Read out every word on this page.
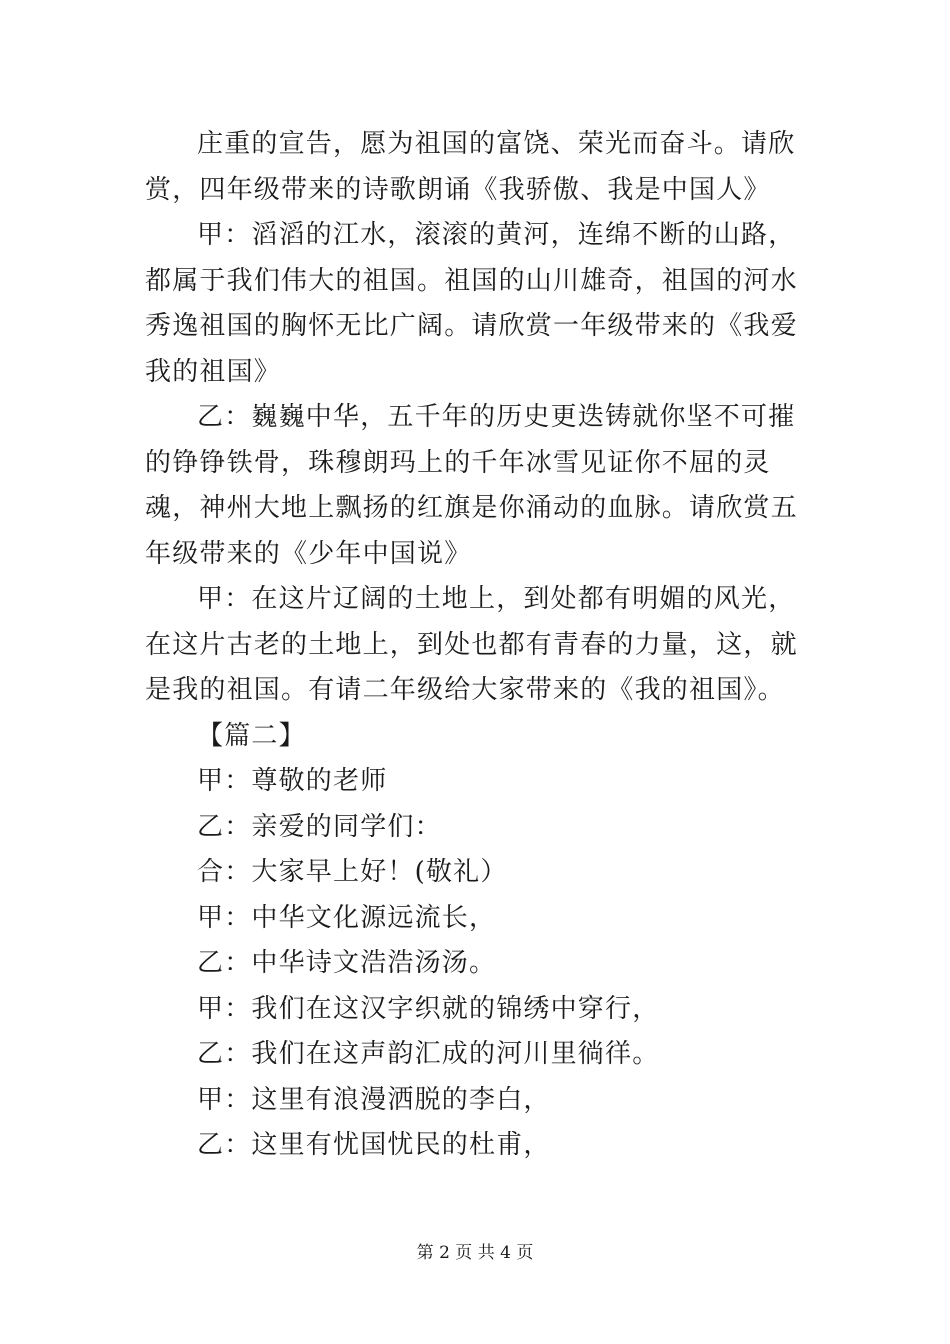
庄重的宣告，愿为祖国的富饶、荣光而奋斗。请欣赏，四年级带来的诗歌朗诵《我骄傲、我是中国人》

甲：滔滔的江水，滚滚的黄河，连绵不断的山路，都属于我们伟大的祖国。祖国的山川雄奇，祖国的河水秀逸祖国的胸怀无比广阔。请欣赏一年级带来的《我爱我的祖国》

乙：巍巍中华，五千年的历史更迭铸就你坚不可摧的铮铮铁骨，珠穆朗玛上的千年冰雪见证你不屈的灵魂，神州大地上飘扬的红旗是你涌动的血脉。请欣赏五年级带来的《少年中国说》

甲：在这片辽阔的土地上，到处都有明媚的风光，在这片古老的土地上，到处也都有青春的力量，这，就是我的祖国。有请二年级给大家带来的《我的祖国》。

【篇二】

甲：尊敬的老师

乙：亲爱的同学们：

合：大家早上好！(敬礼）

甲：中华文化源远流长，

乙：中华诗文浩浩汤汤。

甲：我们在这汉字织就的锦绣中穿行，

乙：我们在这声韵汇成的河川里徜徉。

甲：这里有浪漫洒脱的李白，

乙：这里有忧国忧民的杜甫，

第 2 页 共 4 页
